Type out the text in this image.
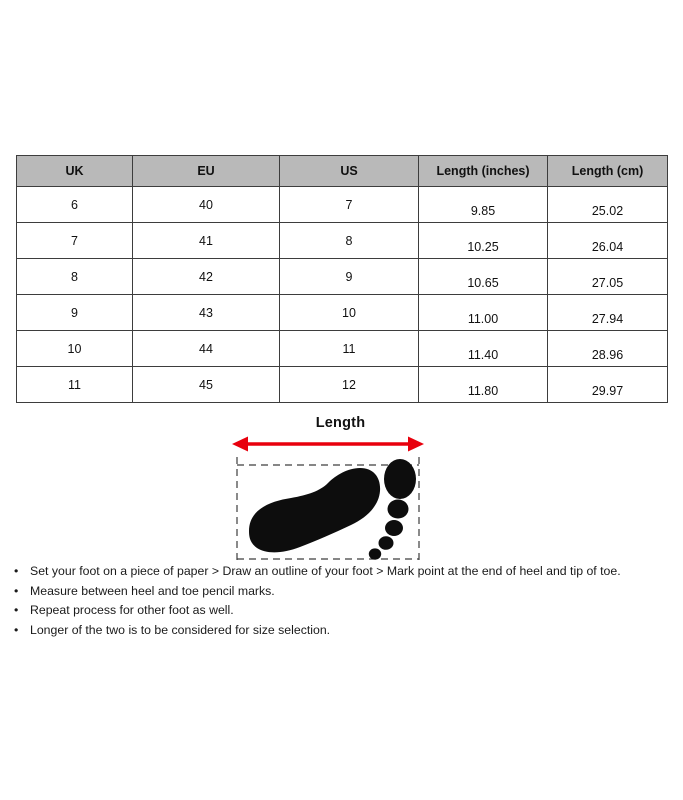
UK	EU	US	Length (inches)	Length (cm)
6	40	7	9.85	25.02
7	41	8	10.25	26.04
8	42	9	10.65	27.05
9	43	10	11.00	27.94
10	44	11	11.40	28.96
11	45	12	11.80	29.97
Length
• Set your foot on a piece of paper > Draw an outline of your foot > Mark point at the end of heel and tip of toe.
• Measure between heel and toe pencil marks.
• Repeat process for other foot as well.
• Longer of the two is to be considered for size selection.
